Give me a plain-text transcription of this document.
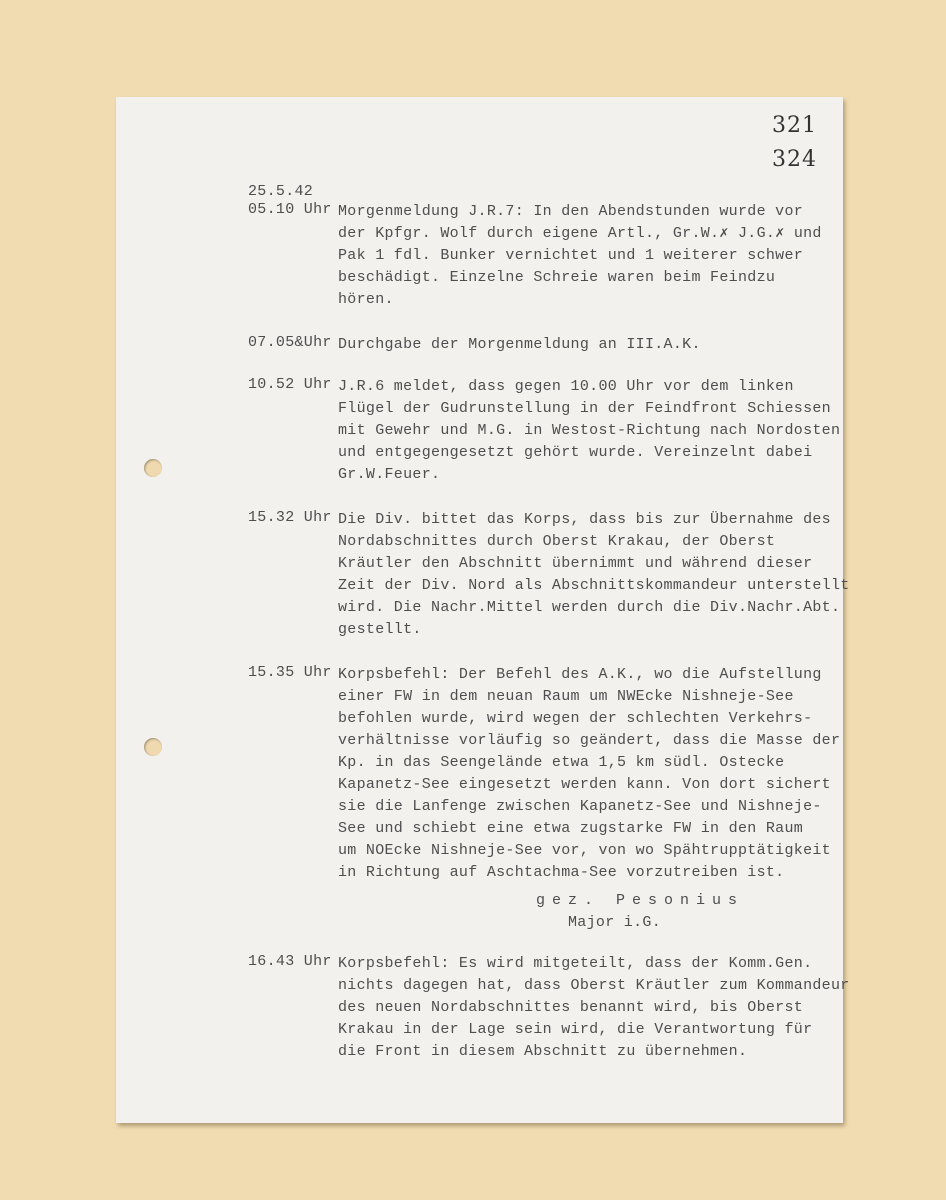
321
324
25.5.42
05.10 Uhr Morgenmeldung J.R.7: In den Abendstunden wurde vor
der Kpfgr. Wolf durch eigene Artl., Gr.W.✗ J.G.✗ und
Pak 1 fdl. Bunker vernichtet und 1 weiterer schwer
beschädigt. Einzelne Schreie waren beim Feindzu
hören.
07.05&Uhr Durchgabe der Morgenmeldung an III.A.K.
10.52 Uhr J.R.6 meldet, dass gegen 10.00 Uhr vor dem linken
Flügel der Gudrunstellung in der Feindfront Schiessen
mit Gewehr und M.G. in Westost-Richtung nach Nordosten
und entgegengesetzt gehört wurde. Vereinzelnt dabei
Gr.W.Feuer.
15.32 Uhr Die Div. bittet das Korps, dass bis zur Übernahme des
Nordabschnittes durch Oberst Krakau, der Oberst
Kräutler den Abschnitt übernimmt und während dieser
Zeit der Div. Nord als Abschnittskommandeur unterstellt
wird. Die Nachr.Mittel werden durch die Div.Nachr.Abt.
gestellt.
15.35 Uhr Korpsbefehl: Der Befehl des A.K., wo die Aufstellung
einer FW in dem neuan Raum um NWEcke Nishneje-See
befohlen wurde, wird wegen der schlechten Verkehrs-
verhältnisse vorläufig so geändert, dass die Masse der
Kp. in das Seengelände etwa 1,5 km südl. Ostecke
Kapanetz-See eingesetzt werden kann. Von dort sichert
sie die Lanfenge zwischen Kapanetz-See und Nishneje-
See und schiebt eine etwa zugstarke FW in den Raum
um NOEcke Nishneje-See vor, von wo Spähtrupptätigkeit
in Richtung auf Aschtachma-See vorzutreiben ist.
gez. Pesonius
Major i.G.
16.43 Uhr Korpsbefehl: Es wird mitgeteilt, dass der Komm.Gen.
nichts dagegen hat, dass Oberst Kräutler zum Kommandeur
des neuen Nordabschnittes benannt wird, bis Oberst
Krakau in der Lage sein wird, die Verantwortung für
die Front in diesem Abschnitt zu übernehmen.
